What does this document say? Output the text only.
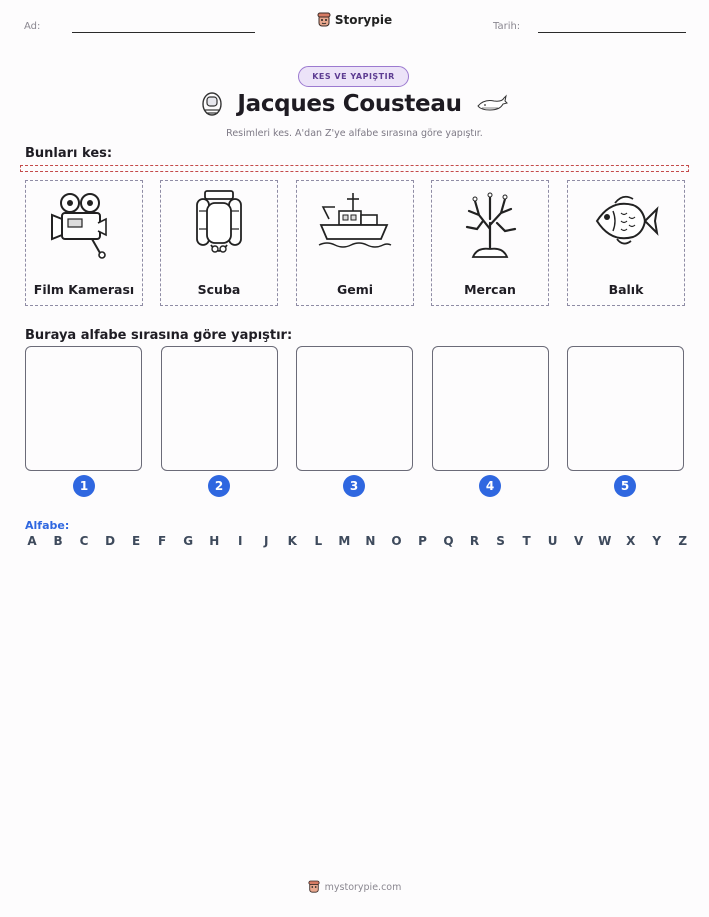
Ad:	Storypie	Tarih:
KES VE YAPIŞTIR
Jacques Cousteau
Resimleri kes. A'dan Z'ye alfabe sırasına göre yapıştır.
Bunları kes:
Film Kamerası	Scuba	Gemi	Mercan	Balık
Buraya alfabe sırasına göre yapıştır:
1	2	3	4	5
Alfabe:
A B C D E F G H	I	J	K L M N O P Q R S T U V W X Y Z
mystorypie.com
